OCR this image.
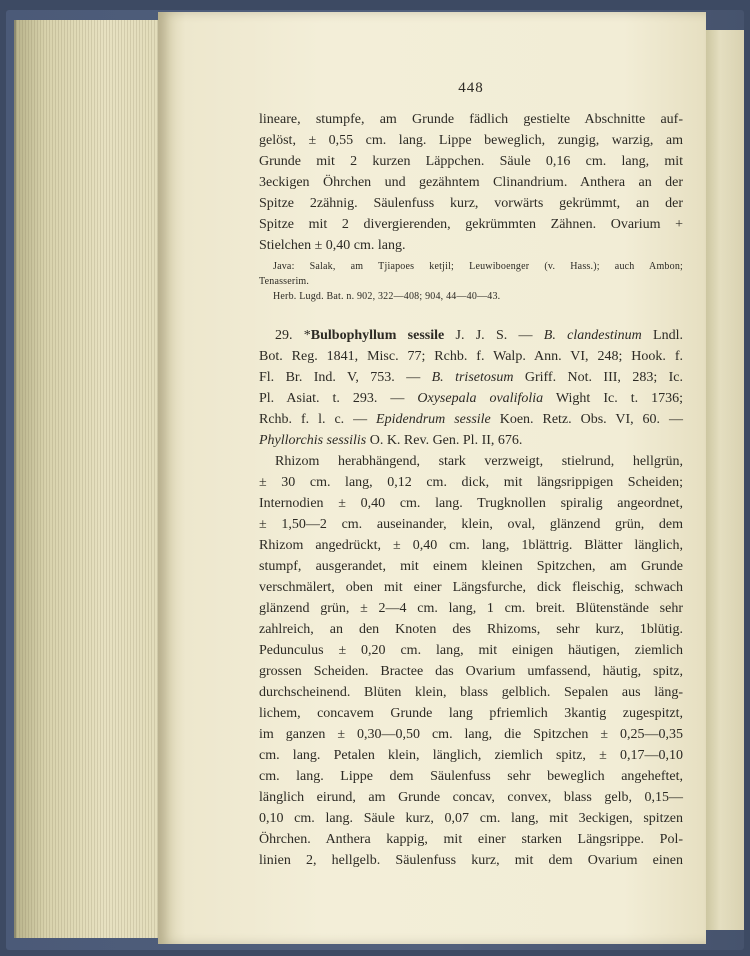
448
lineare, stumpfe, am Grunde fädlich gestielte Abschnitte auf-
gelöst, ± 0,55 cm. lang. Lippe beweglich, zungig, warzig, am
Grunde mit 2 kurzen Läppchen. Säule 0,16 cm. lang, mit
3eckigen Öhrchen und gezähntem Clinandrium. Anthera an der
Spitze 2zähnig. Säulenfuss kurz, vorwärts gekrümmt, an der
Spitze mit 2 divergierenden, gekrümmten Zähnen. Ovarium +
Stielchen ± 0,40 cm. lang.
Java: Salak, am Tjiapoes ketjil; Leuwiboenger (v. Hass.); auch Ambon;
Tenasserim.
Herb. Lugd. Bat. n. 902, 322—408; 904, 44—40—43.
29. *Bulbophyllum sessile J. J. S. — B. clandestinum Lndl.
Bot. Reg. 1841, Misc. 77; Rchb. f. Walp. Ann. VI, 248; Hook. f.
Fl. Br. Ind. V, 753. — B. trisetosum Griff. Not. III, 283; Ic.
Pl. Asiat. t. 293. — Oxysepala ovalifolia Wight Ic. t. 1736;
Rchb. f. l. c. — Epidendrum sessile Koen. Retz. Obs. VI, 60. —
Phyllorchis sessilis O. K. Rev. Gen. Pl. II, 676.
Rhizom herabhängend, stark verzweigt, stielrund, hellgrün,
± 30 cm. lang, 0,12 cm. dick, mit längsrippigen Scheiden;
Internodien ± 0,40 cm. lang. Trugknollen spiralig angeordnet,
± 1,50—2 cm. auseinander, klein, oval, glänzend grün, dem
Rhizom angedrückt, ± 0,40 cm. lang, 1blättrig. Blätter länglich,
stumpf, ausgerandet, mit einem kleinen Spitzchen, am Grunde
verschmälert, oben mit einer Längsfurche, dick fleischig, schwach
glänzend grün, ± 2—4 cm. lang, 1 cm. breit. Blütenstände sehr
zahlreich, an den Knoten des Rhizoms, sehr kurz, 1blütig.
Pedunculus ± 0,20 cm. lang, mit einigen häutigen, ziemlich
grossen Scheiden. Bractee das Ovarium umfassend, häutig, spitz,
durchscheinend. Blüten klein, blass gelblich. Sepalen aus läng-
lichem, concavem Grunde lang pfriemlich 3kantig zugespitzt,
im ganzen ± 0,30—0,50 cm. lang, die Spitzchen ± 0,25—0,35
cm. lang. Petalen klein, länglich, ziemlich spitz, ± 0,17—0,10
cm. lang. Lippe dem Säulenfuss sehr beweglich angeheftet,
länglich eirund, am Grunde concav, convex, blass gelb, 0,15—
0,10 cm. lang. Säule kurz, 0,07 cm. lang, mit 3eckigen, spitzen
Öhrchen. Anthera kappig, mit einer starken Längsrippe. Pol-
linien 2, hellgelb. Säulenfuss kurz, mit dem Ovarium einen
